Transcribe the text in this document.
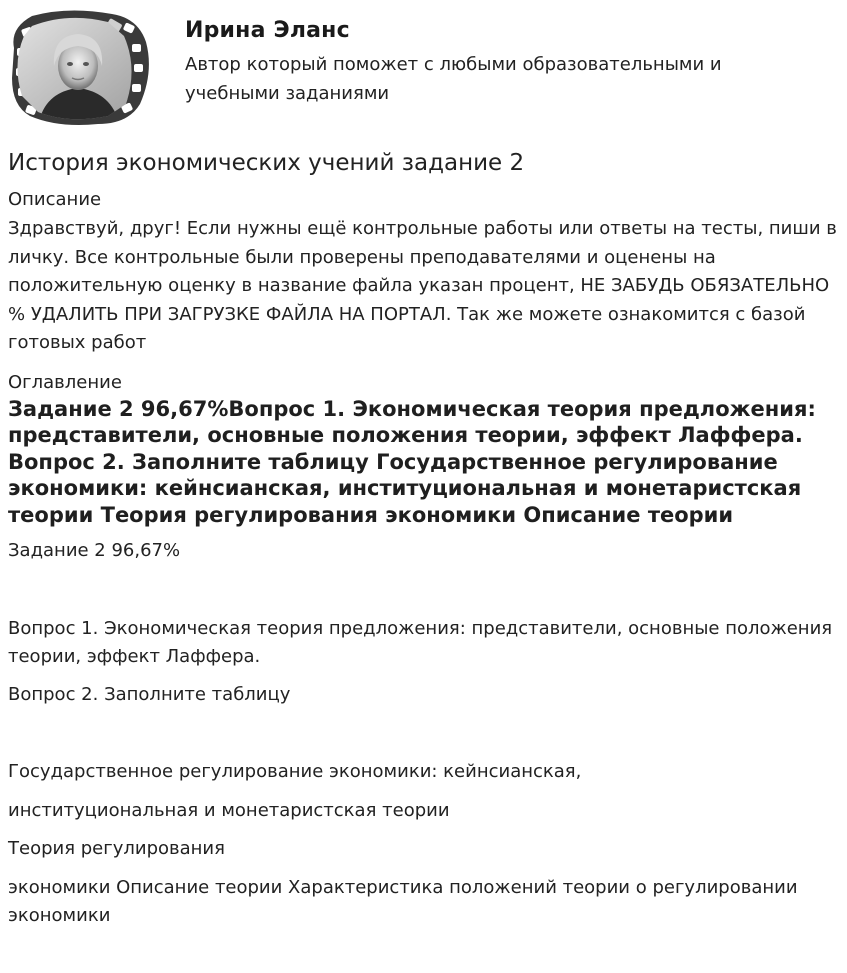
Ирина Эланс
Автор который поможет с любыми образовательными и учебными заданиями
История экономических учений задание 2
Описание
Здравствуй, друг! Если нужны ещё контрольные работы или ответы на тесты, пиши в личку. Все контрольные были проверены преподавателями и оценены на положительную оценку в название файла указан процент, НЕ ЗАБУДЬ ОБЯЗАТЕЛЬНО % УДАЛИТЬ ПРИ ЗАГРУЗКЕ ФАЙЛА НА ПОРТАЛ. Так же можете ознакомится с базой готовых работ
Оглавление
Задание 2 96,67%Вопрос 1. Экономическая теория предложения: представители, основные положения теории, эффект Лаффера. Вопрос 2. Заполните таблицу Государственное регулирование экономики: кейнсианская, институциональная и монетаристская теории Теория регулирования экономики Описание теории
Задание 2 96,67%
Вопрос 1. Экономическая теория предложения: представители, основные положения теории, эффект Лаффера.
Вопрос 2. Заполните таблицу
Государственное регулирование экономики: кейнсианская,
институциональная и монетаристская теории
Теория регулирования
экономики Описание теории Характеристика положений теории о регулировании экономики
